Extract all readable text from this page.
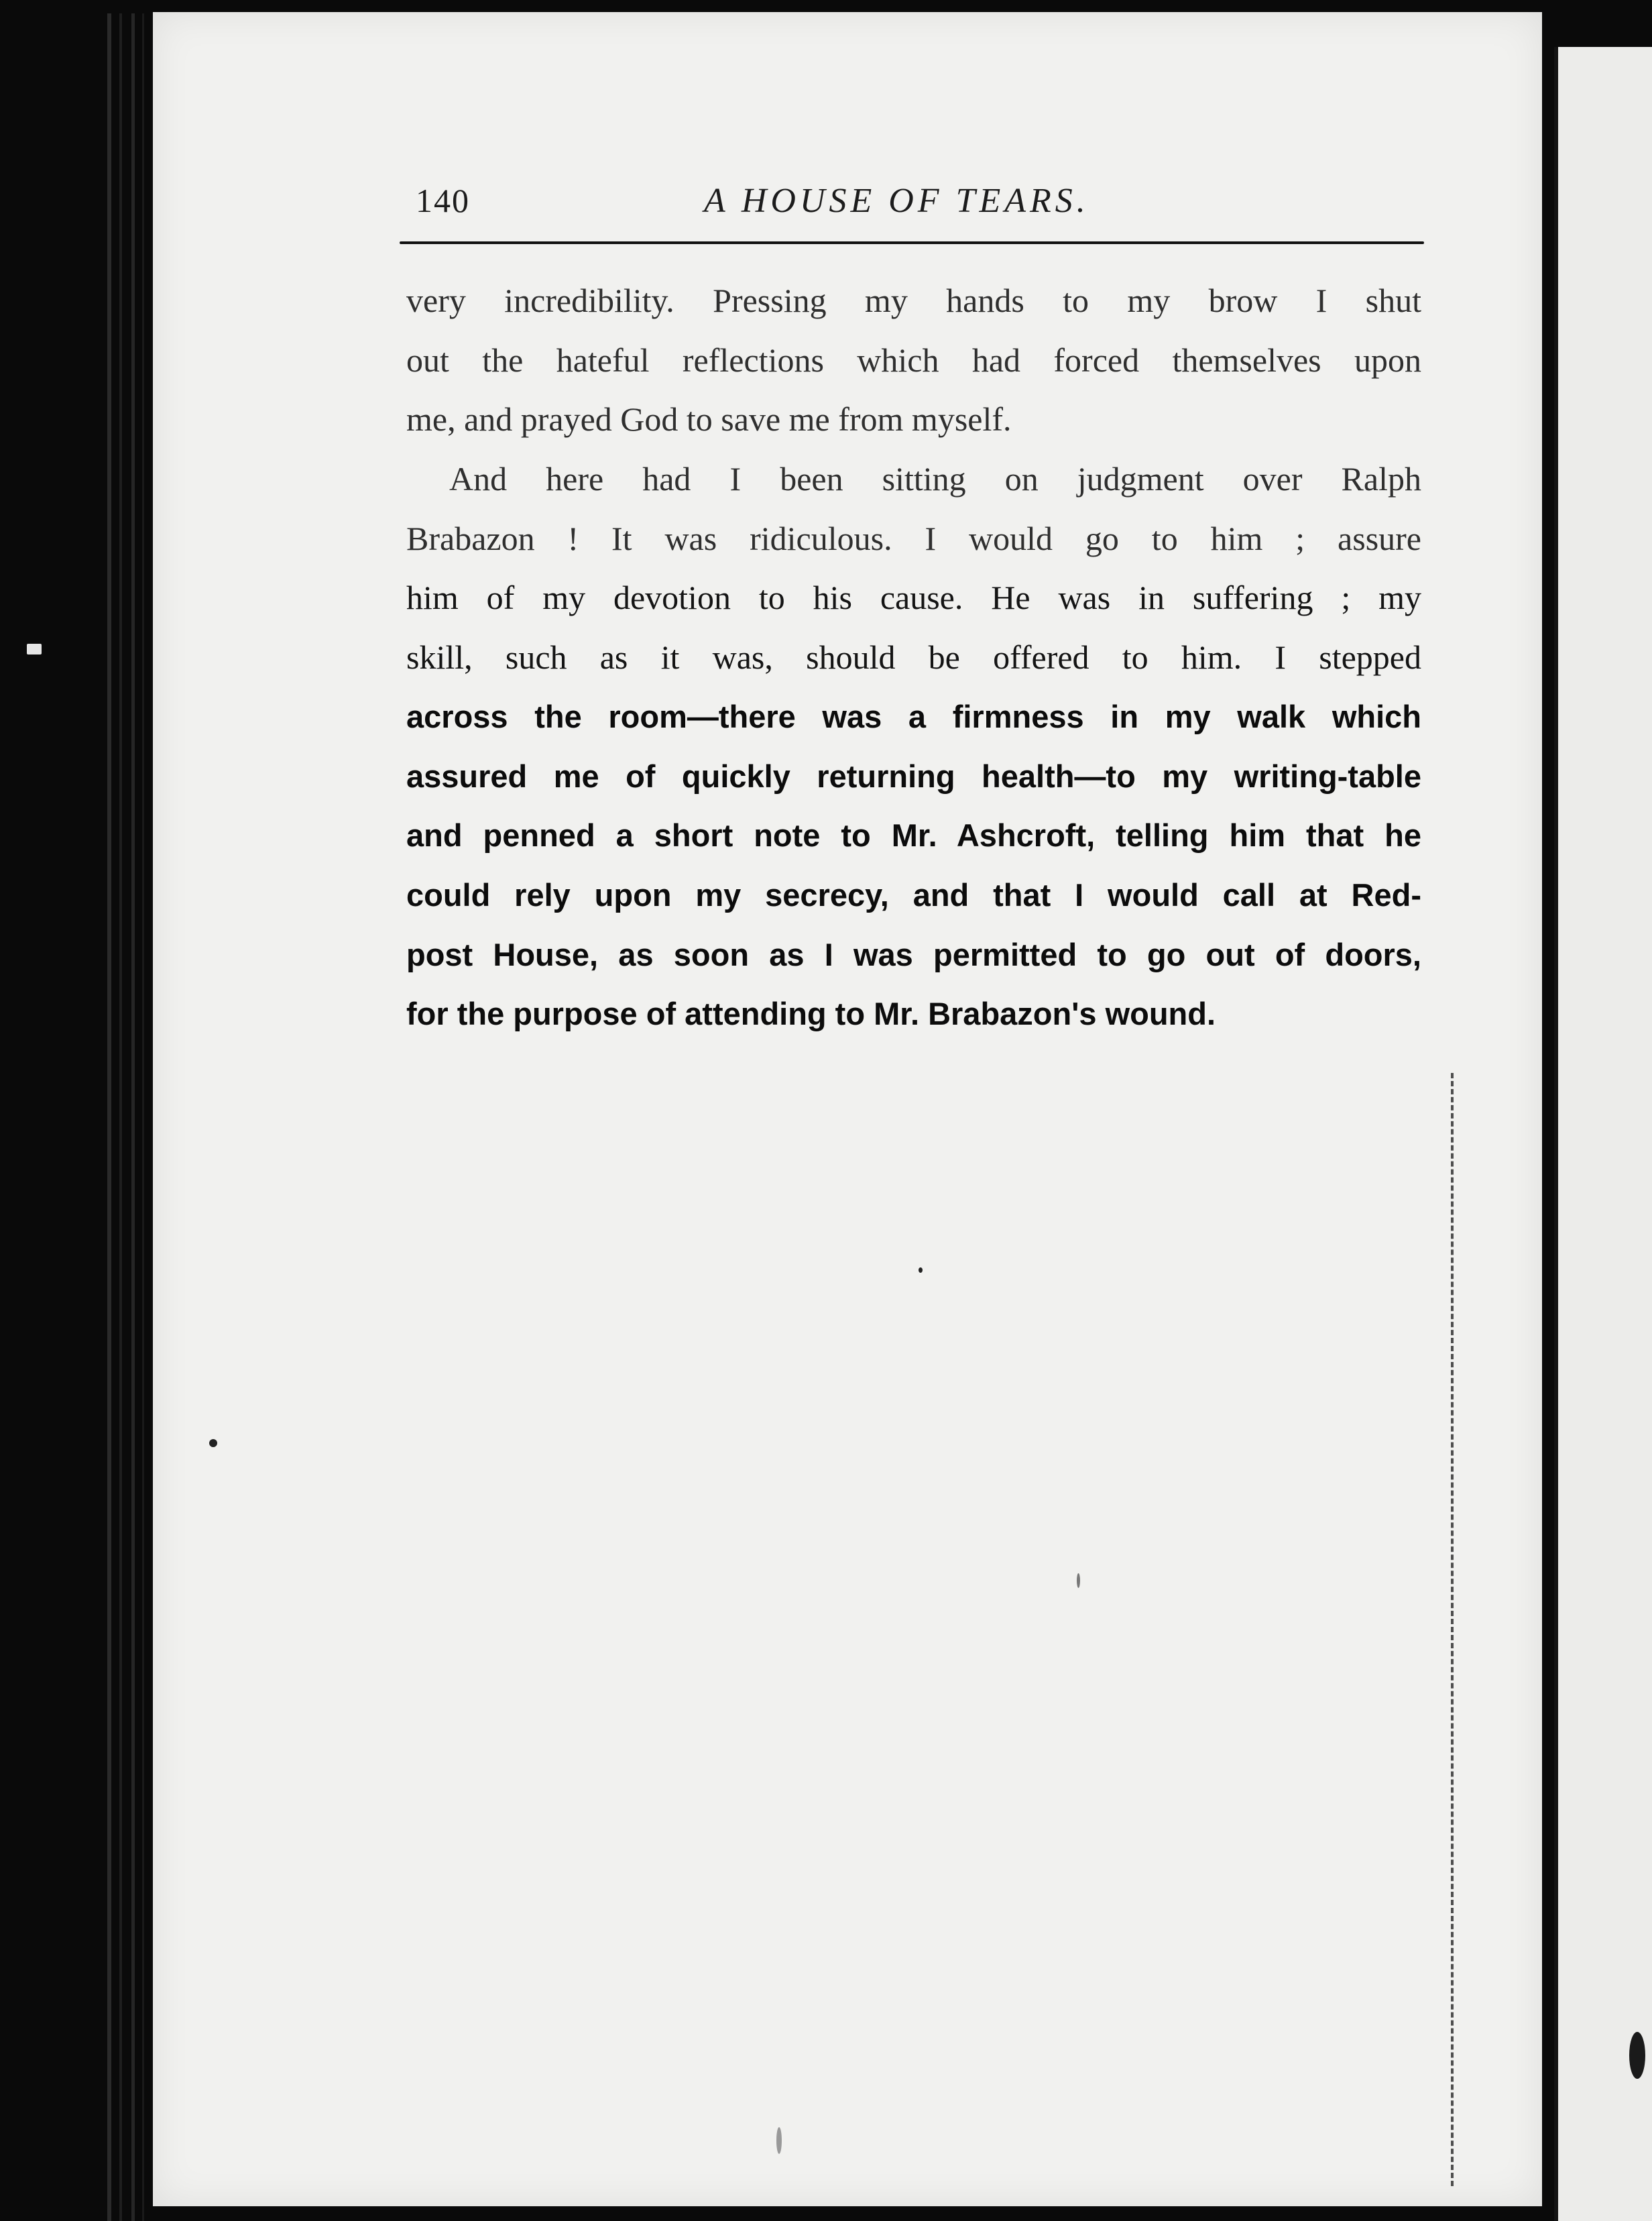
140	A HOUSE OF TEARS.
very incredibility. Pressing my hands to my brow I shut
out the hateful reflections which had forced themselves upon
me, and prayed God to save me from myself.
And here had I been sitting on judgment over Ralph
Brabazon ! It was ridiculous. I would go to him ; assure
him of my devotion to his cause. He was in suffering ; my
skill, such as it was, should be offered to him. I stepped
across the room—there was a firmness in my walk which
assured me of quickly returning health—to my writing-table
and penned a short note to Mr. Ashcroft, telling him that he
could rely upon my secrecy, and that I would call at Red-
post House, as soon as I was permitted to go out of doors,
for the purpose of attending to Mr. Brabazon's wound.
